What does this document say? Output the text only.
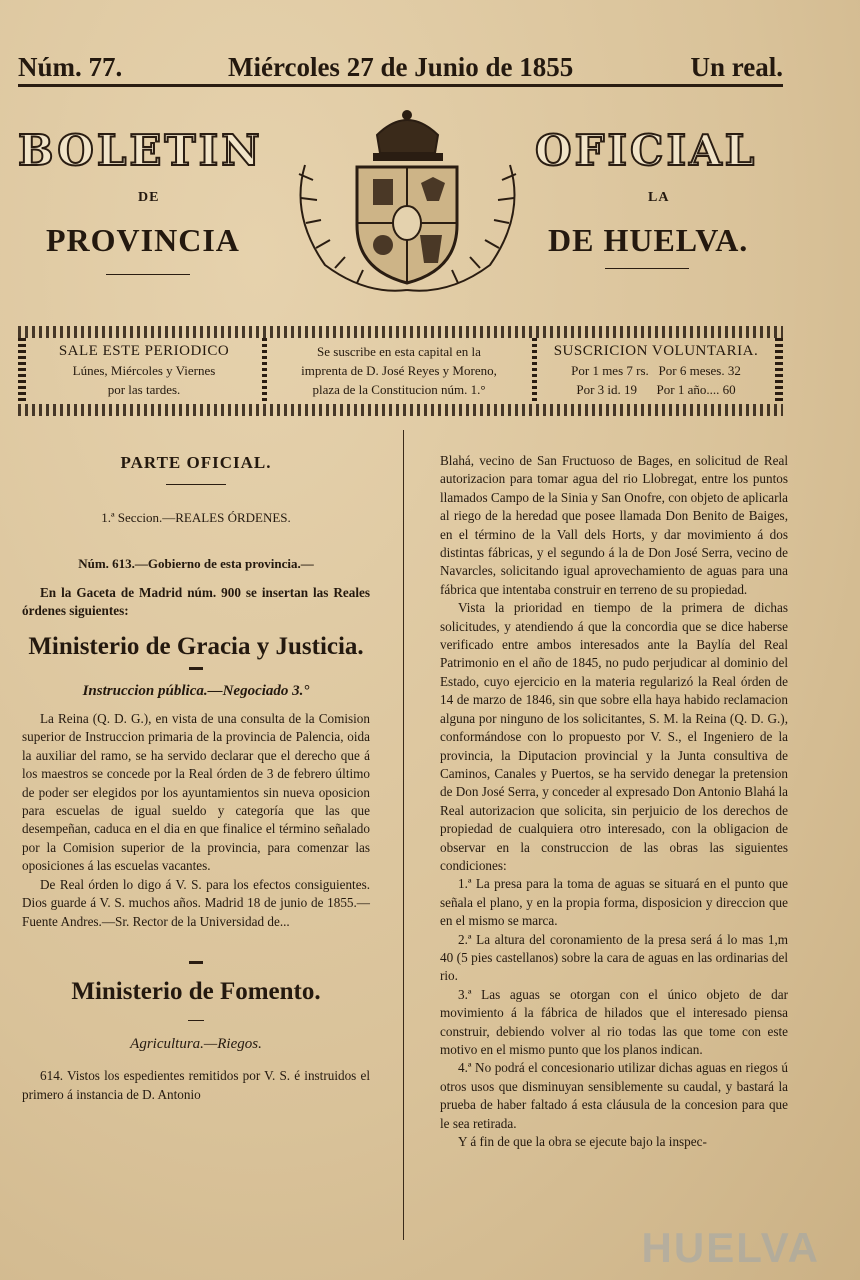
Núm. 77.	Miércoles 27 de Junio de 1855	Un real.
BOLETIN	OFICIAL
DE	LA
PROVINCIA	DE HUELVA.
SALE ESTE PERIODICO
Lúnes, Miércoles y Viernes
por las tardes.
Se suscribe en esta capital en la
imprenta de D. José Reyes y Moreno,
plaza de la Constitucion núm. 1.°
SUSCRICION VOLUNTARIA.
Por 1 mes 7 rs.   Por 6 meses. 32
Por 3 id. 19      Por 1 año.... 60
PARTE OFICIAL.
1.ª Seccion.—REALES ÓRDENES.
Núm. 613.—Gobierno de esta provincia.—

En la Gaceta de Madrid núm. 900 se insertan las Reales órdenes siguientes:

Ministerio de Gracia y Justicia.
Instruccion pública.—Negociado 3.°

La Reina (Q. D. G.), en vista de una consulta de la Comision superior de Instruccion primaria de la provincia de Palencia, oida la auxiliar del ramo, se ha servido declarar que el derecho que á los maestros se concede por la Real órden de 3 de febrero último de poder ser elegidos por los ayuntamientos sin nueva oposicion para escuelas de igual sueldo y categoría que las que desempeñan, caduca en el dia en que finalice el término señalado por la Comision superior de la provincia, para comenzar las oposiciones á las escuelas vacantes.

De Real órden lo digo á V. S. para los efectos consiguientes. Dios guarde á V. S. muchos años. Madrid 18 de junio de 1855.—Fuente Andres.—Sr. Rector de la Universidad de...

Ministerio de Fomento.
Agricultura.—Riegos.

614. Vistos los espedientes remitidos por V. S. é instruidos el primero á instancia de D. Antonio

Blahá, vecino de San Fructuoso de Bages, en solicitud de Real autorizacion para tomar agua del rio Llobregat, entre los puntos llamados Campo de la Sinia y San Onofre, con objeto de aplicarla al riego de la heredad que posee llamada Don Benito de Baiges, en el término de la Vall dels Horts, y dar movimiento á dos distintas fábricas, y el segundo á la de Don José Serra, vecino de Navarcles, solicitando igual aprovechamiento de aguas para una fábrica que intentaba construir en terreno de su propiedad.

Vista la prioridad en tiempo de la primera de dichas solicitudes, y atendiendo á que la concordia que se dice haberse verificado entre ambos interesados ante la Baylía del Real Patrimonio en el año de 1845, no pudo perjudicar al dominio del Estado, cuyo ejercicio en la materia regularizó la Real órden de 14 de marzo de 1846, sin que sobre ella haya habido reclamacion alguna por ninguno de los solicitantes, S. M. la Reina (Q. D. G.), conformándose con lo propuesto por V. S., el Ingeniero de la provincia, la Diputacion provincial y la Junta consultiva de Caminos, Canales y Puertos, se ha servido denegar la pretension de Don José Serra, y conceder al expresado Don Antonio Blahá la Real autorizacion que solicita, sin perjuicio de los derechos de propiedad de cualquiera otro interesado, con la obligacion de observar en la construccion de las obras las siguientes condiciones:

1.ª La presa para la toma de aguas se situará en el punto que señala el plano, y en la propia forma, disposicion y direccion que en el mismo se marca.

2.ª La altura del coronamiento de la presa será á lo mas 1,m 40 (5 pies castellanos) sobre la cara de aguas en las ordinarias del rio.

3.ª Las aguas se otorgan con el único objeto de dar movimiento á la fábrica de hilados que el interesado piensa construir, debiendo volver al rio todas las que tome con este motivo en el mismo punto que los planos indican.

4.ª No podrá el concesionario utilizar dichas aguas en riegos ú otros usos que disminuyan sensiblemente su caudal, y bastará la prueba de haber faltado á esta cláusula de la concesion para que le sea retirada.

Y á fin de que la obra se ejecute bajo la inspec-

HUELVA
